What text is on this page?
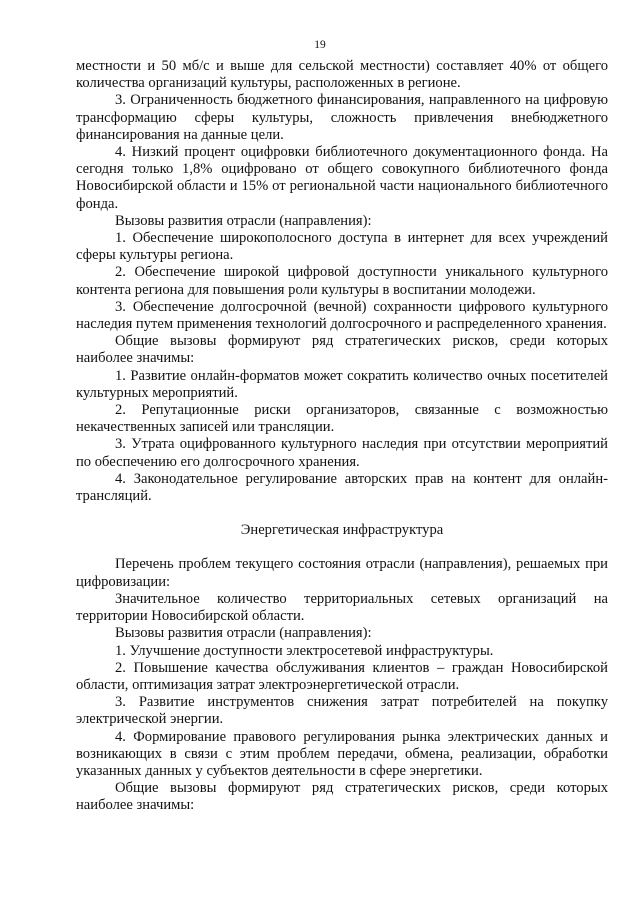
19

местности и 50 мб/с и выше для сельской местности) составляет 40% от общего количества организаций культуры, расположенных в регионе.

3. Ограниченность бюджетного финансирования, направленного на цифровую трансформацию сферы культуры, сложность привлечения внебюджетного финансирования на данные цели.

4. Низкий процент оцифровки библиотечного документационного фонда. На сегодня только 1,8% оцифровано от общего совокупного библиотечного фонда Новосибирской области и 15% от региональной части национального библиотечного фонда.

Вызовы развития отрасли (направления):

1. Обеспечение широкополосного доступа в интернет для всех учреждений сферы культуры региона.

2. Обеспечение широкой цифровой доступности уникального культурного контента региона для повышения роли культуры в воспитании молодежи.

3. Обеспечение долгосрочной (вечной) сохранности цифрового культурного наследия путем применения технологий долгосрочного и распределенного хранения.

Общие вызовы формируют ряд стратегических рисков, среди которых наиболее значимы:

1. Развитие онлайн-форматов может сократить количество очных посетителей культурных мероприятий.

2. Репутационные риски организаторов, связанные с возможностью некачественных записей или трансляции.

3. Утрата оцифрованного культурного наследия при отсутствии мероприятий по обеспечению его долгосрочного хранения.

4. Законодательное регулирование авторских прав на контент для онлайн-трансляций.

Энергетическая инфраструктура

Перечень проблем текущего состояния отрасли (направления), решаемых при цифровизации:

Значительное количество территориальных сетевых организаций на территории Новосибирской области.

Вызовы развития отрасли (направления):

1. Улучшение доступности электросетевой инфраструктуры.

2. Повышение качества обслуживания клиентов – граждан Новосибирской области, оптимизация затрат электроэнергетической отрасли.

3. Развитие инструментов снижения затрат потребителей на покупку электрической энергии.

4. Формирование правового регулирования рынка электрических данных и возникающих в связи с этим проблем передачи, обмена, реализации, обработки указанных данных у субъектов деятельности в сфере энергетики.

Общие вызовы формируют ряд стратегических рисков, среди которых наиболее значимы:
